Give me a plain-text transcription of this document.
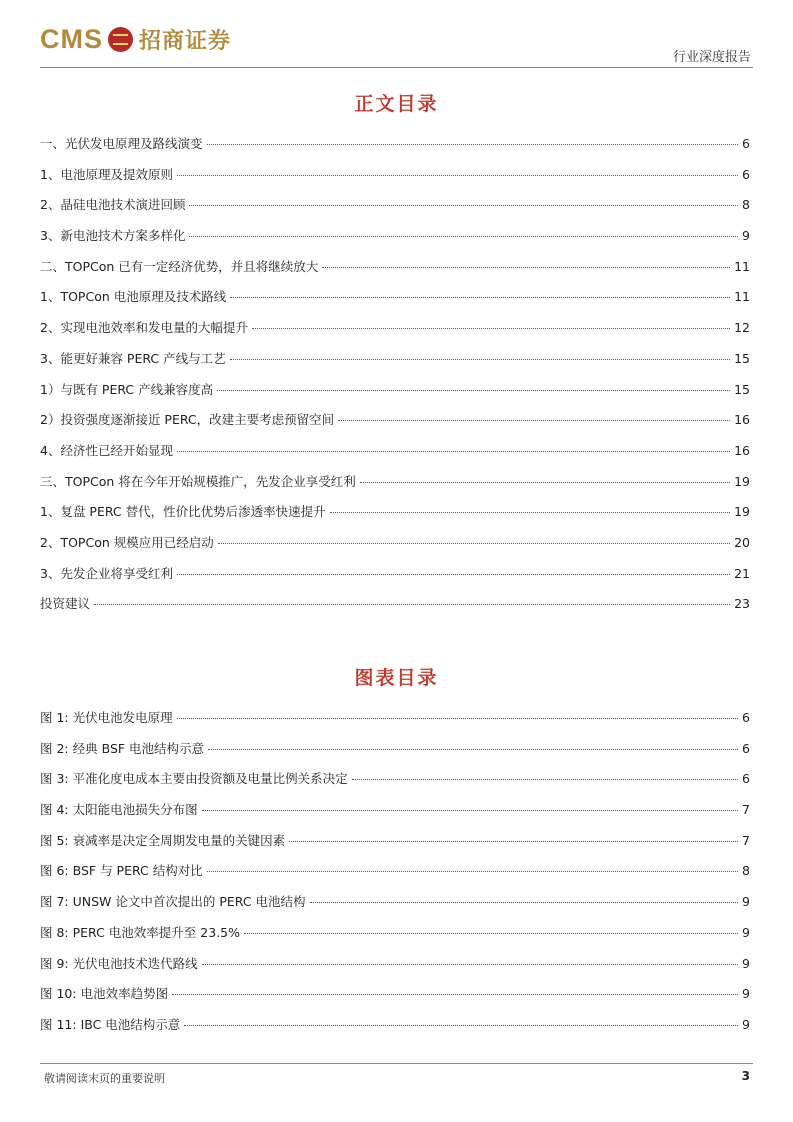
CMS 招商证券
行业深度报告
正文目录
一、光伏发电原理及路线演变	6
1、电池原理及提效原则	6
2、晶硅电池技术演进回顾	8
3、新电池技术方案多样化	9
二、TOPCon 已有一定经济优势，并且将继续放大	11
1、TOPCon 电池原理及技术路线	11
2、实现电池效率和发电量的大幅提升	12
3、能更好兼容 PERC 产线与工艺	15
1）与既有 PERC 产线兼容度高	15
2）投资强度逐渐接近 PERC，改建主要考虑预留空间	16
4、经济性已经开始显现	16
三、TOPCon 将在今年开始规模推广，先发企业享受红利	19
1、复盘 PERC 替代，性价比优势后渗透率快速提升	19
2、TOPCon 规模应用已经启动	20
3、先发企业将享受红利	21
投资建议	23
图表目录
图 1: 光伏电池发电原理	6
图 2: 经典 BSF 电池结构示意	6
图 3: 平准化度电成本主要由投资额及电量比例关系决定	6
图 4: 太阳能电池损失分布图	7
图 5: 衰减率是决定全周期发电量的关键因素	7
图 6: BSF 与 PERC 结构对比	8
图 7: UNSW 论文中首次提出的 PERC 电池结构	9
图 8: PERC 电池效率提升至 23.5%	9
图 9: 光伏电池技术迭代路线	9
图 10: 电池效率趋势图	9
图 11: IBC 电池结构示意	9
敬请阅读末页的重要说明	3
